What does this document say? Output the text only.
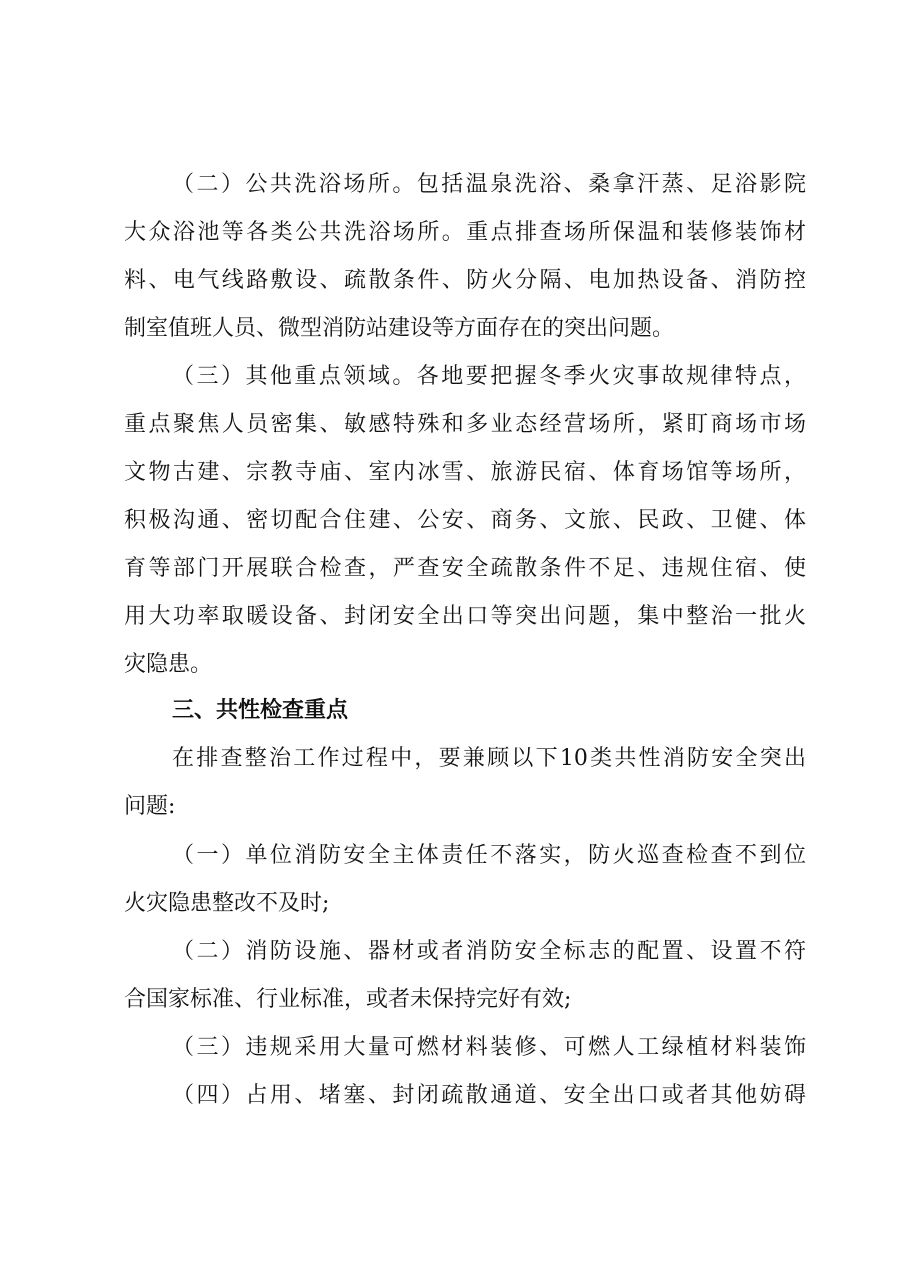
（二）公共洗浴场所。包括温泉洗浴、桑拿汗蒸、足浴影院
大众浴池等各类公共洗浴场所。重点排查场所保温和装修装饰材
料、电气线路敷设、疏散条件、防火分隔、电加热设备、消防控
制室值班人员、微型消防站建设等方面存在的突出问题。
（三）其他重点领域。各地要把握冬季火灾事故规律特点，
重点聚焦人员密集、敏感特殊和多业态经营场所，紧盯商场市场
文物古建、宗教寺庙、室内冰雪、旅游民宿、体育场馆等场所，
积极沟通、密切配合住建、公安、商务、文旅、民政、卫健、体
育等部门开展联合检查，严查安全疏散条件不足、违规住宿、使
用大功率取暖设备、封闭安全出口等突出问题，集中整治一批火
灾隐患。
三、共性检查重点
在排查整治工作过程中，要兼顾以下10类共性消防安全突出
问题:
（一）单位消防安全主体责任不落实，防火巡查检查不到位
火灾隐患整改不及时;
（二）消防设施、器材或者消防安全标志的配置、设置不符
合国家标准、行业标准，或者未保持完好有效;
（三）违规采用大量可燃材料装修、可燃人工绿植材料装饰
（四）占用、堵塞、封闭疏散通道、安全出口或者其他妨碍
